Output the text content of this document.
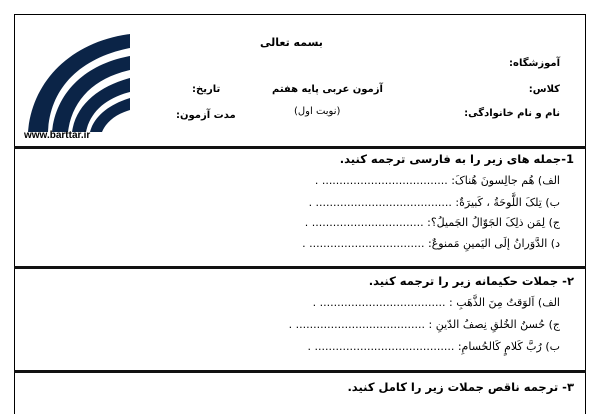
بسمه تعالی
آموزشگاه:
کلاس:
آزمون عربی پایه هفتم
تاریخ:
(نوبت اول)	نام و نام خانوادگی:
مدت آزمون:
www.barttar.ir
1-جمله های زیر را به فارسی ترجمه کنید.
الف) هُم جالِسونَ هُناکَ: .................................... .
ب) تِلکَ اللَّوحَةُ ، کَبیرَةٌ: ....................................... .
ج) لِمَن ذلِکَ الجَوّالُ الجَمیلُ؟: ................................ .
د) الدَّوَرانُ إلَی الیَمینِ مَمنوعٌ: ................................. .
۲- جملات حکیمانه زیر را ترجمه کنید.
الف) اَلوَقتُ مِنَ الذَّهَبِ : .................................... .
ج) حُسنُ الخُلقِ نِصفُ الدّینِ : ..................................... .
ب) رُبَّ کَلامٍ کَالحُسامِ: ........................................ .
۳- ترجمه ناقص جملات زیر را کامل کنید.
